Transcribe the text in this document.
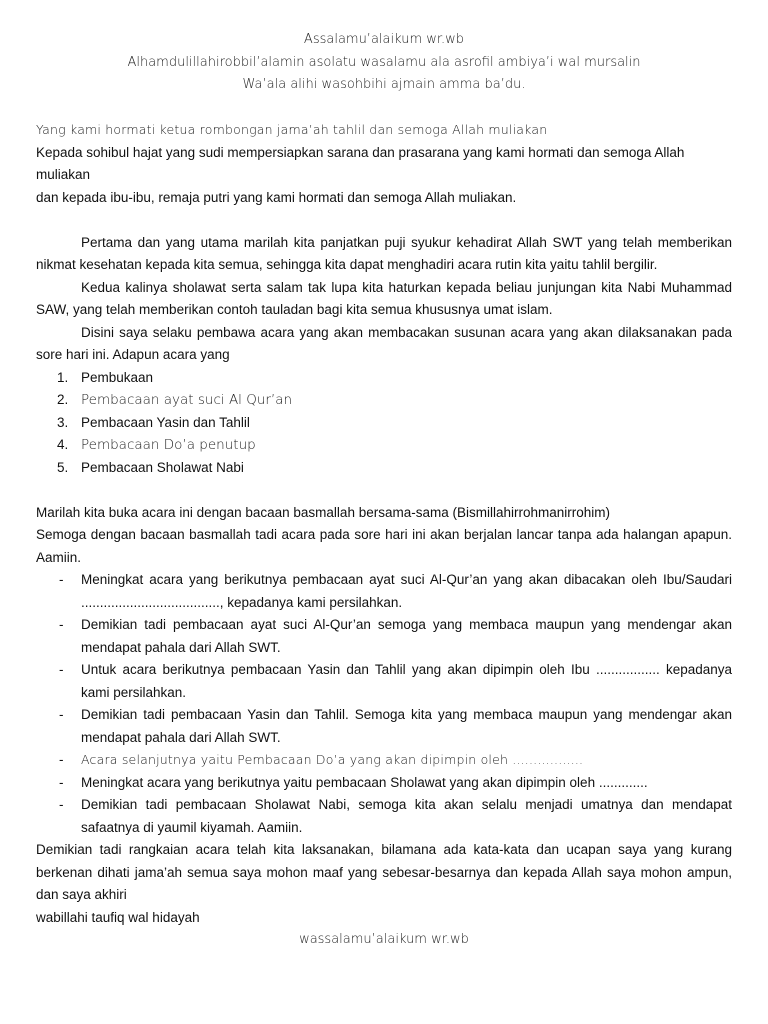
Assalamu’alaikum wr.wb
Alhamdulillahirobbil’alamin asolatu wasalamu ala asrofil ambiya’i wal mursalin
Wa’ala alihi wasohbihi ajmain amma ba’du.

Yang kami hormati ketua rombongan jama’ah tahlil dan semoga Allah muliakan

Kepada sohibul hajat yang sudi mempersiapkan sarana dan prasarana yang kami hormati dan semoga Allah muliakan

dan kepada ibu-ibu, remaja putri yang kami hormati dan semoga Allah muliakan.

Pertama dan yang utama marilah kita panjatkan puji syukur kehadirat Allah SWT yang telah memberikan nikmat kesehatan kepada kita semua, sehingga kita dapat menghadiri acara rutin kita yaitu tahlil bergilir.

Kedua kalinya sholawat serta salam tak lupa kita haturkan kepada beliau junjungan kita Nabi Muhammad SAW, yang telah memberikan contoh tauladan bagi kita semua khususnya umat islam.

Disini saya selaku pembawa acara yang akan membacakan susunan acara yang akan dilaksanakan pada sore hari ini. Adapun acara yang

1. Pembukaan
2. Pembacaan ayat suci Al Qur’an
3. Pembacaan Yasin dan Tahlil
4. Pembacaan Do’a penutup
5. Pembacaan Sholawat Nabi

Marilah kita buka acara ini dengan bacaan basmallah bersama-sama (Bismillahirrohmanirrohim)

Semoga dengan bacaan basmallah tadi acara pada sore hari ini akan berjalan lancar tanpa ada halangan apapun. Aamiin.

- Meningkat acara yang berikutnya pembacaan ayat suci Al-Qur’an yang akan dibacakan oleh Ibu/Saudari ....................................., kepadanya kami persilahkan.
- Demikian tadi pembacaan ayat suci Al-Qur’an semoga yang membaca maupun yang mendengar akan mendapat pahala dari Allah SWT.
- Untuk acara berikutnya pembacaan Yasin dan Tahlil yang akan dipimpin oleh Ibu ................. kepadanya kami persilahkan.
- Demikian tadi pembacaan Yasin dan Tahlil. Semoga kita yang membaca maupun yang mendengar akan mendapat pahala dari Allah SWT.
- Acara selanjutnya yaitu Pembacaan Do’a yang akan dipimpin oleh .................
- Meningkat acara yang berikutnya yaitu pembacaan Sholawat yang akan dipimpin oleh .............
- Demikian tadi pembacaan Sholawat Nabi, semoga kita akan selalu menjadi umatnya dan mendapat safaatnya di yaumil kiyamah. Aamiin.

Demikian tadi rangkaian acara telah kita laksanakan, bilamana ada kata-kata dan ucapan saya yang kurang berkenan dihati jama’ah semua saya mohon maaf yang sebesar-besarnya dan kepada Allah saya mohon ampun, dan saya akhiri

wabillahi taufiq wal hidayah

wassalamu’alaikum wr.wb
